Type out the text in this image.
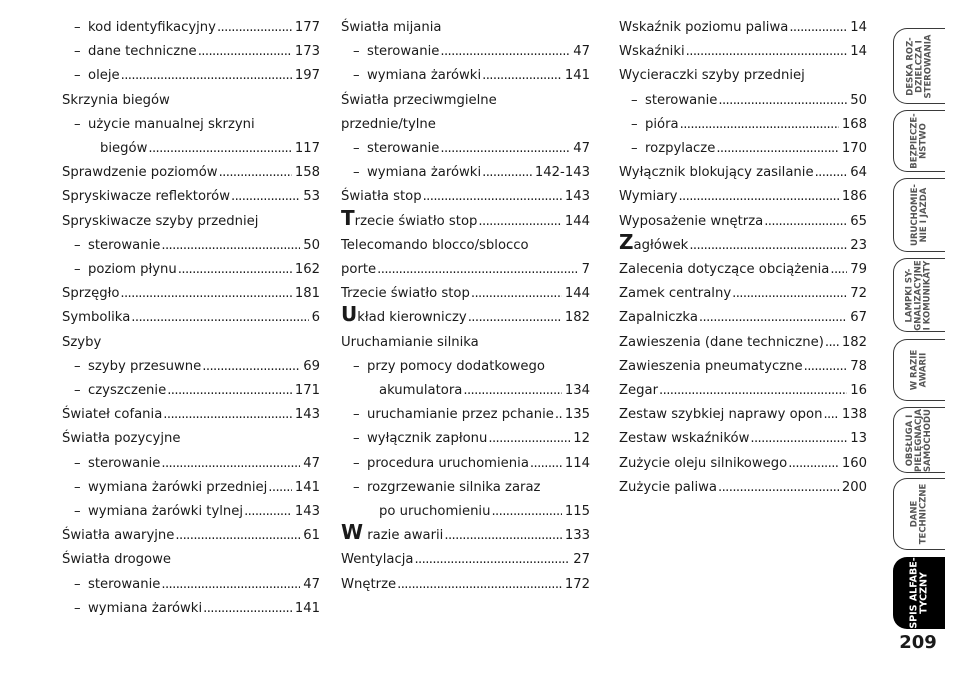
– kod identyfikacyjny . . .	177
– dane techniczne . . .	173
– oleje . . .	197
Skrzynia biegów
– użycie manualnej skrzyni
biegów . . .	117
Sprawdzenie poziomów . . .	158
Spryskiwacze reflektorów . . .	53
Spryskiwacze szyby przedniej
– sterowanie . . .	50
– poziom płynu . . .	162
Sprzęgło . . .	181
Symbolika . . .	6
Szyby
– szyby przesuwne . . .	69
– czyszczenie . . .	171
Światеł cofania . . .	143
Światła pozycyjne
– sterowanie . . .	47
– wymiana żarówki przedniej . . . 141
– wymiana żarówki tylnej . . .	143
Światła awaryjne . . .	61
Światła drogowe
– sterowanie . . .	47
– wymiana żarówki . . .	141
Światła mijania
– sterowanie . . .	47
– wymiana żarówki . . .	141
Światła przeciwmgielne
przednie/tylne
– sterowanie . . .	47
– wymiana żarówki . . .	142-143
Światła stop . . .	143
Trzecie światło stop . . .	144
Telecomando blocco/sblocco
porte . . .	7
Trzecie światło stop . . .	144
Układ kierowniczy . . .	182
Uruchamianie silnika
– przy pomocy dodatkowego
akumulatora . . .	134
– uruchamianie przez pchanie . . . 135
– wyłącznik zapłonu . . .	12
– procedura uruchomienia . . .	114
– rozgrzewanie silnika zaraz
po uruchomieniu . . .	115
W razie awarii . . .	133
Wentylacja . . .	27
Wnętrze . . .	172
Wskaźnik poziomu paliwa . . .	14
Wskaźniki . . .	14
Wycieraczki szyby przedniej
– sterowanie . . .	50
– pióra . . .	168
– rozpylacze . . .	170
Wyłącznik blokujący zasilanie . . .	64
Wymiary . . .	186
Wyposażenie wnętrza . . .	65
Zagłówek . . .	23
Zalecenia dotyczące obciążenia . . . 79
Zamek centralny . . .	72
Zapalniczka . . .	67
Zawieszenia (dane techniczne) . . . 182
Zawieszenia pneumatyczne . . .	78
Zegar . . .	16
Zestaw szybkiej naprawy opon . . . 138
Zestaw wskaźników . . .	13
Zużycie oleju silnikowego . . .	160
Zużycie paliwa . . .	200
DESKA ROZ-
DZIELCZA I
STEROWANIA
BEZPIECZE-
ŃSTWO
URUCHOMIE-
NIE I JAZDA
LAMPKI SY-
GNALIZACYJNE
I KOMUNIKATY
W RAZIE
AWARII
OBSŁUGA I
PIELĘGNACJA
SAMOCHODU
DANE
TECHNICZNE
SPIS ALFABE-
TYCZNY
209
